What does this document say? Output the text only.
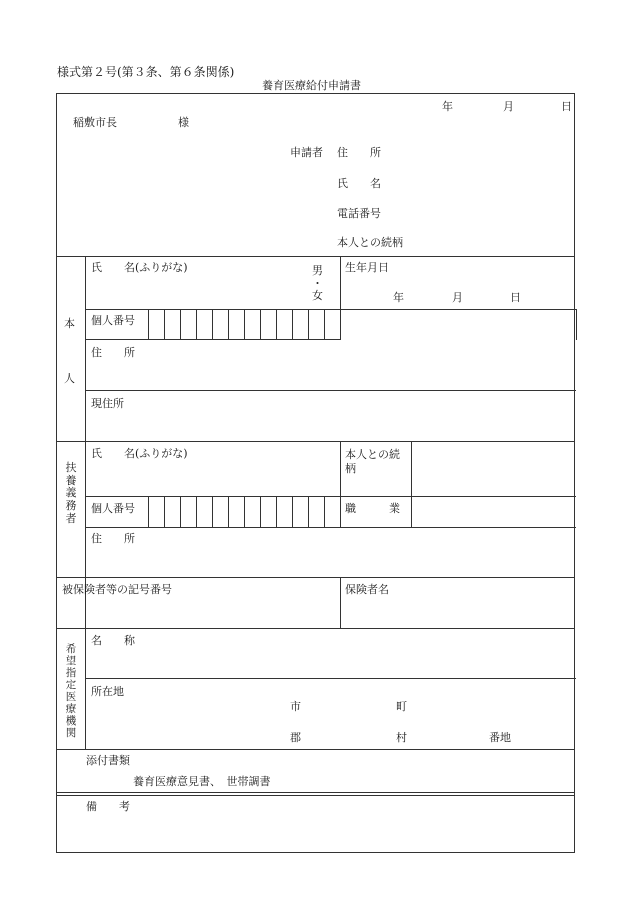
様式第２号(第３条、第６条関係)
養育医療給付申請書
年	月	日
稲敷市長	様
申請者 住　　所
氏　　名
電話番号
本人との続柄
本
人
氏　　名(ふりがな)	男
・
女
生年月日
年	月	日
個人番号
住　　所
現住所
扶養義務者
氏　　名(ふりがな)	本人との続柄
個人番号	職　　　業
住　　所
被保険者等の記号番号	保険者名
希望指定医療機関
名　　称
所在地
市	町
郡	村	番地
添付書類
養育医療意見書、　世帯調書
備　　考
